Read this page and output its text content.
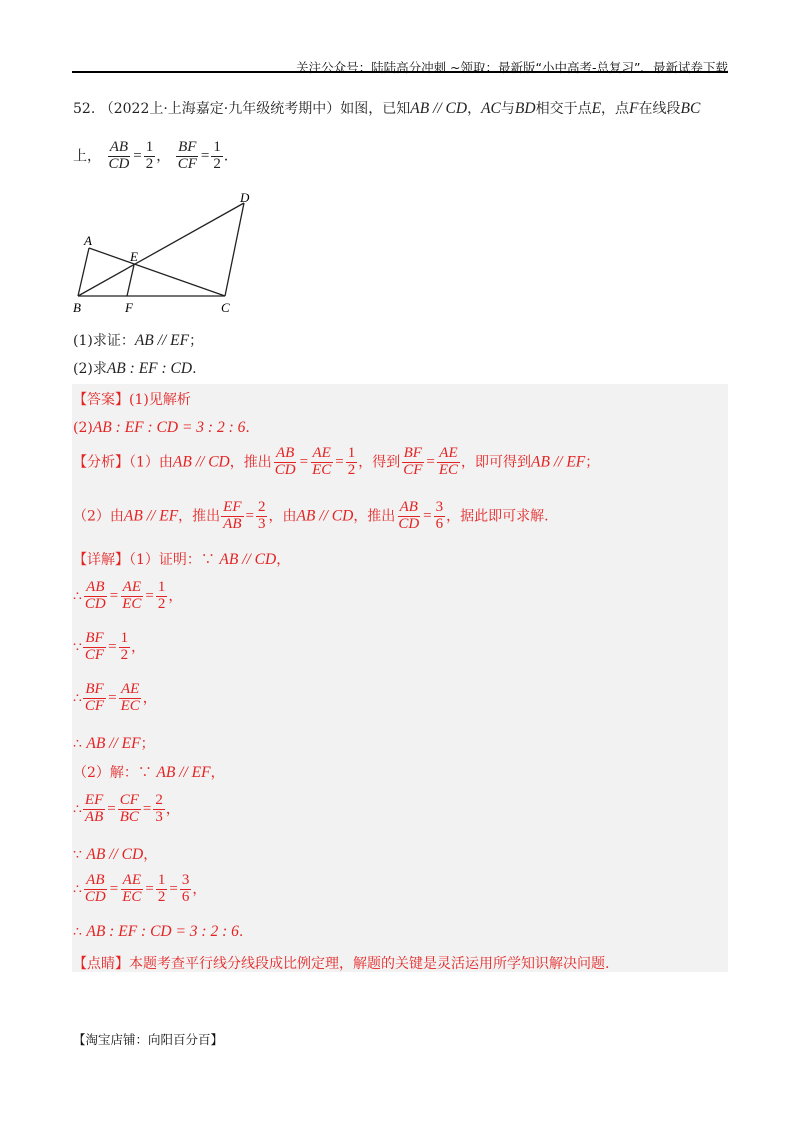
关注公众号：陆陆高分冲刺 ~领取：最新版“小中高考-总复习”、最新试卷下载
52. （2022上·上海嘉定·九年级统考期中）如图，已知AB // CD，AC与BD相交于点E，点F在线段BC
上， $\frac{AB}{CD} = \frac{1}{2}$ ， $\frac{BF}{CF} = \frac{1}{2}$ ．
A
B	C
D
E
F
(1)求证：AB // EF；
(2)求AB : EF : CD.
【答案】(1)见解析
(2)AB : EF : CD = 3 : 2 : 6.
【分析】（1）由AB // CD，推出 $\frac{AB}{CD} = \frac{AE}{EC} = \frac{1}{2}$ ，得到 $\frac{BF}{CF} = \frac{AE}{EC}$ ，即可得到AB // EF；
（2）由AB // EF，推出 $\frac{EF}{AB} = \frac{2}{3}$ ，由AB // CD，推出 $\frac{AB}{CD} = \frac{3}{6}$ ，据此即可求解.
【详解】（1）证明：∵ AB // CD，
∴ $\frac{AB}{CD} = \frac{AE}{EC} = \frac{1}{2}$ ，
∵ $\frac{BF}{CF} = \frac{1}{2}$ ，
∴ $\frac{BF}{CF} = \frac{AE}{EC}$ ，
∴ AB // EF；
（2）解：∵ AB // EF，
∴ $\frac{EF}{AB} = \frac{CF}{BC} = \frac{2}{3}$ ，
∵ AB // CD，
∴ $\frac{AB}{CD} = \frac{AE}{EC} = \frac{1}{2} = \frac{3}{6}$ ，
∴ AB : EF : CD = 3 : 2 : 6.
【点睛】本题考查平行线分线段成比例定理，解题的关键是灵活运用所学知识解决问题.
【淘宝店铺：向阳百分百】
